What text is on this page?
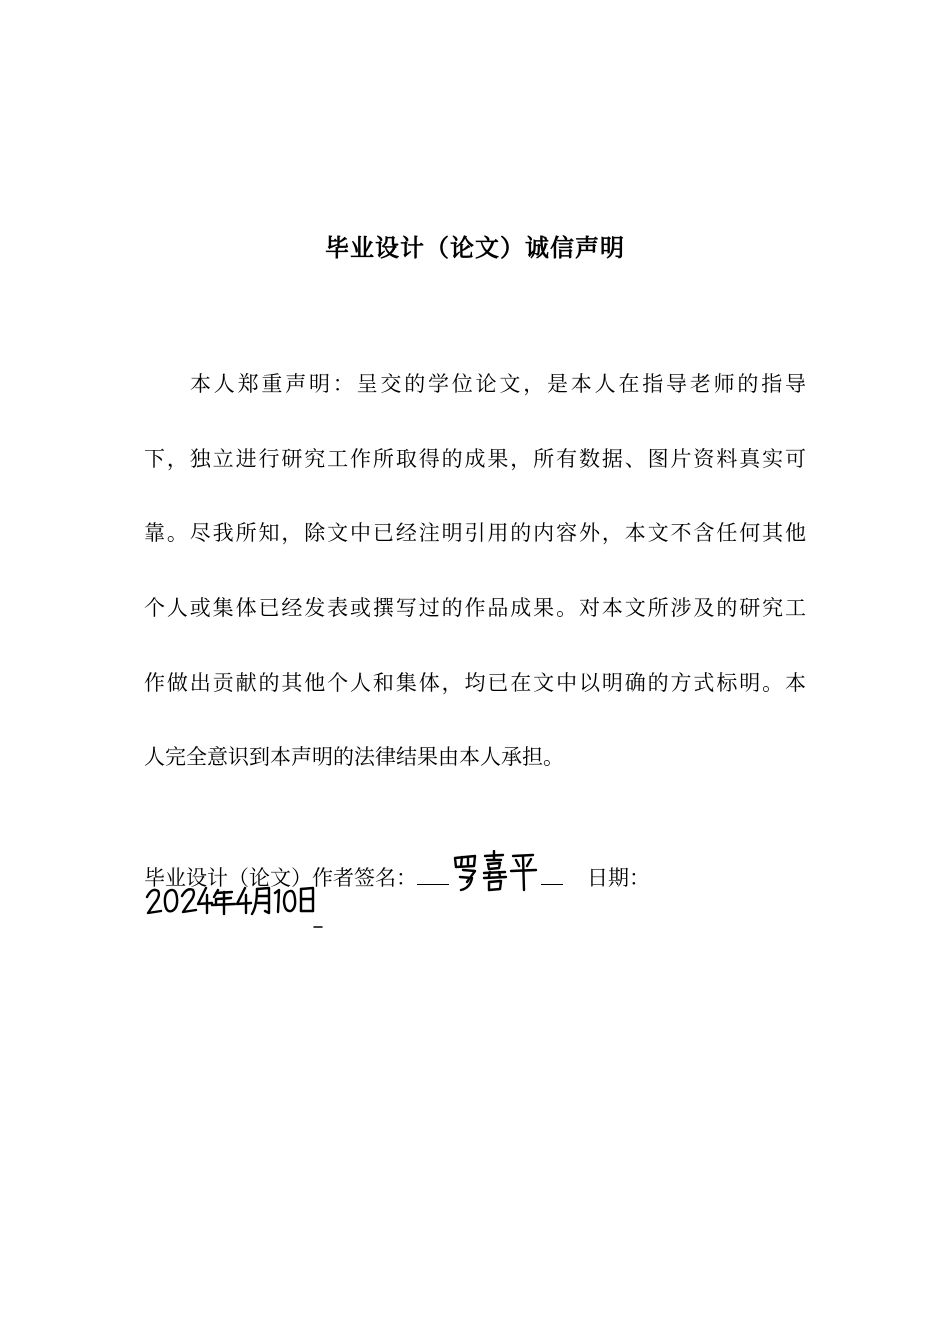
毕业设计（论文）诚信声明
本人郑重声明：呈交的学位论文，是本人在指导老师的指导
下，独立进行研究工作所取得的成果，所有数据、图片资料真实可
靠。尽我所知，除文中已经注明引用的内容外，本文不含任何其他
个人或集体已经发表或撰写过的作品成果。对本文所涉及的研究工
作做出贡献的其他个人和集体，均已在文中以明确的方式标明。本
人完全意识到本声明的法律结果由本人承担。
毕业设计（论文）作者签名：	日期：
